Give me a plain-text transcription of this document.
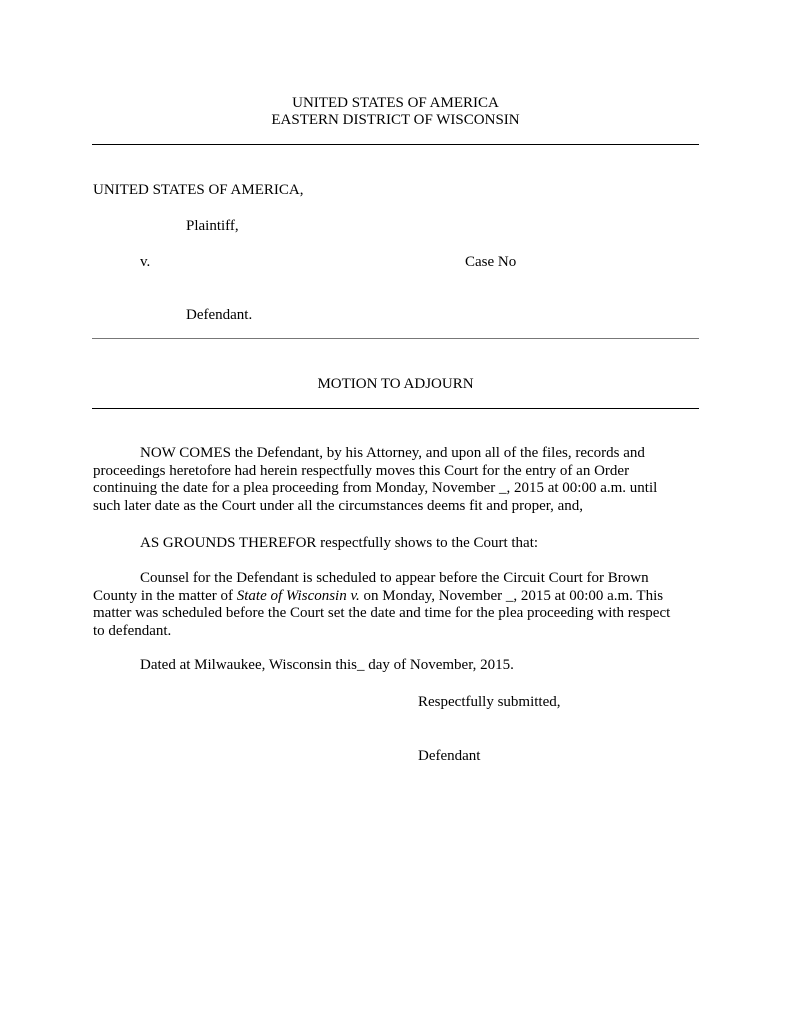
UNITED STATES OF AMERICA
EASTERN DISTRICT OF WISCONSIN
UNITED STATES OF AMERICA,
Plaintiff,
v.	Case No
Defendant.
MOTION TO ADJOURN
NOW COMES the Defendant, by his Attorney, and upon all of the files, records and
proceedings heretofore had herein respectfully moves this Court for the entry of an Order
continuing the date for a plea proceeding from Monday, November _, 2015 at 00:00 a.m. until
such later date as the Court under all the circumstances deems fit and proper, and,
AS GROUNDS THEREFOR respectfully shows to the Court that:
Counsel for the Defendant is scheduled to appear before the Circuit Court for Brown
County in the matter of State of Wisconsin v. on Monday, November _, 2015 at 00:00 a.m. This
matter was scheduled before the Court set the date and time for the plea proceeding with respect
to defendant.
Dated at Milwaukee, Wisconsin this_ day of November, 2015.
Respectfully submitted,
Defendant
